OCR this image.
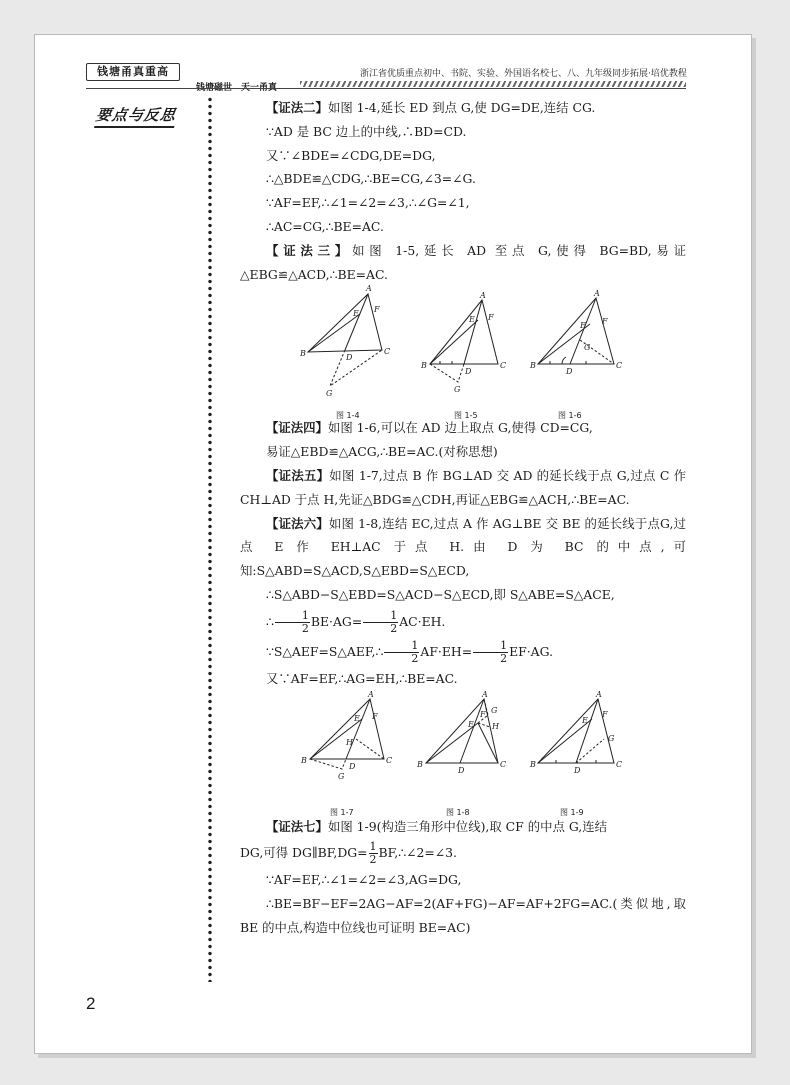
钱塘甬真重高
钱塘磁世　天一甬真
浙江省优质重点初中、书院、实验、外国语名校七、八、九年级同步拓展·培优教程
要点与反思	【证法二】如图 1-4,延长 ED 到点 G,使 DG=DE,连结 CG.

∵AD 是 BC 边上的中线,∴BD=CD.

又∵∠BDE=∠CDG,DE=DG,

∴△BDE≌△CDG,∴BE=CG,∠3=∠G.

∵AF=EF,∴∠1=∠2=∠3,∴∠G=∠1,

∴AC=CG,∴BE=AC.

【证法三】如图 1-5,延长 AD 至点 G,使得 BG=BD,易证△EBG≌△ACD,∴BE=AC.

A
B	C
D
E F
G
图 1-4
A
B	C
D
E F
G
图 1-5
A
B	C
D
E F
G
图 1-6

【证法四】如图 1-6,可以在 AD 边上取点 G,使得 CD=CG,

易证△EBD≌△ACG,∴BE=AC.(对称思想)

【证法五】如图 1-7,过点 B 作 BG⊥AD 交 AD 的延长线于点 G,过点 C 作 CH⊥AD 于点 H,先证△BDG≌△CDH,再证△EBG≌△ACH,∴BE=AC.

【证法六】如图 1-8,连结 EC,过点 A 作 AG⊥BE 交 BE 的延长线于点G,过点 E 作 EH⊥AC 于点 H.由 D 为 BC 的中点,可知:S△ABD=S△ACD,S△EBD=S△ECD,

∴S△ABD−S△EBD=S△ACD−S△ECD,即 S△ABE=S△ACE,

∴ $\frac{1}{2} BE\cdot AG= \frac{1}{2} AC\cdot EH$.

∵S△AEF=S△AEF,∴ $\frac{1}{2} AF\cdot EH= \frac{1}{2} EF\cdot AG$.

又∵AF=EF,∴AG=EH,∴BE=AC.

A
B	C
D
E F
G
H
图 1-7
A
B	C
D
E
F G
H
图 1-8
A
B	C
D
E
F
G
图 1-9

【证法七】如图 1-9(构造三角形中位线),取 CF 的中点 G,连结

DG,可得 DG∥BF,DG= $\frac{1}{2}$ BF,∴∠2=∠3.

∵AF=EF,∴∠1=∠2=∠3,AG=DG,

∴BE=BF−EF=2AG−AF=2(AF+FG)−AF=AF+2FG=AC.(类似地,取 BE 的中点,构造中位线也可证明 BE=AC)

2
